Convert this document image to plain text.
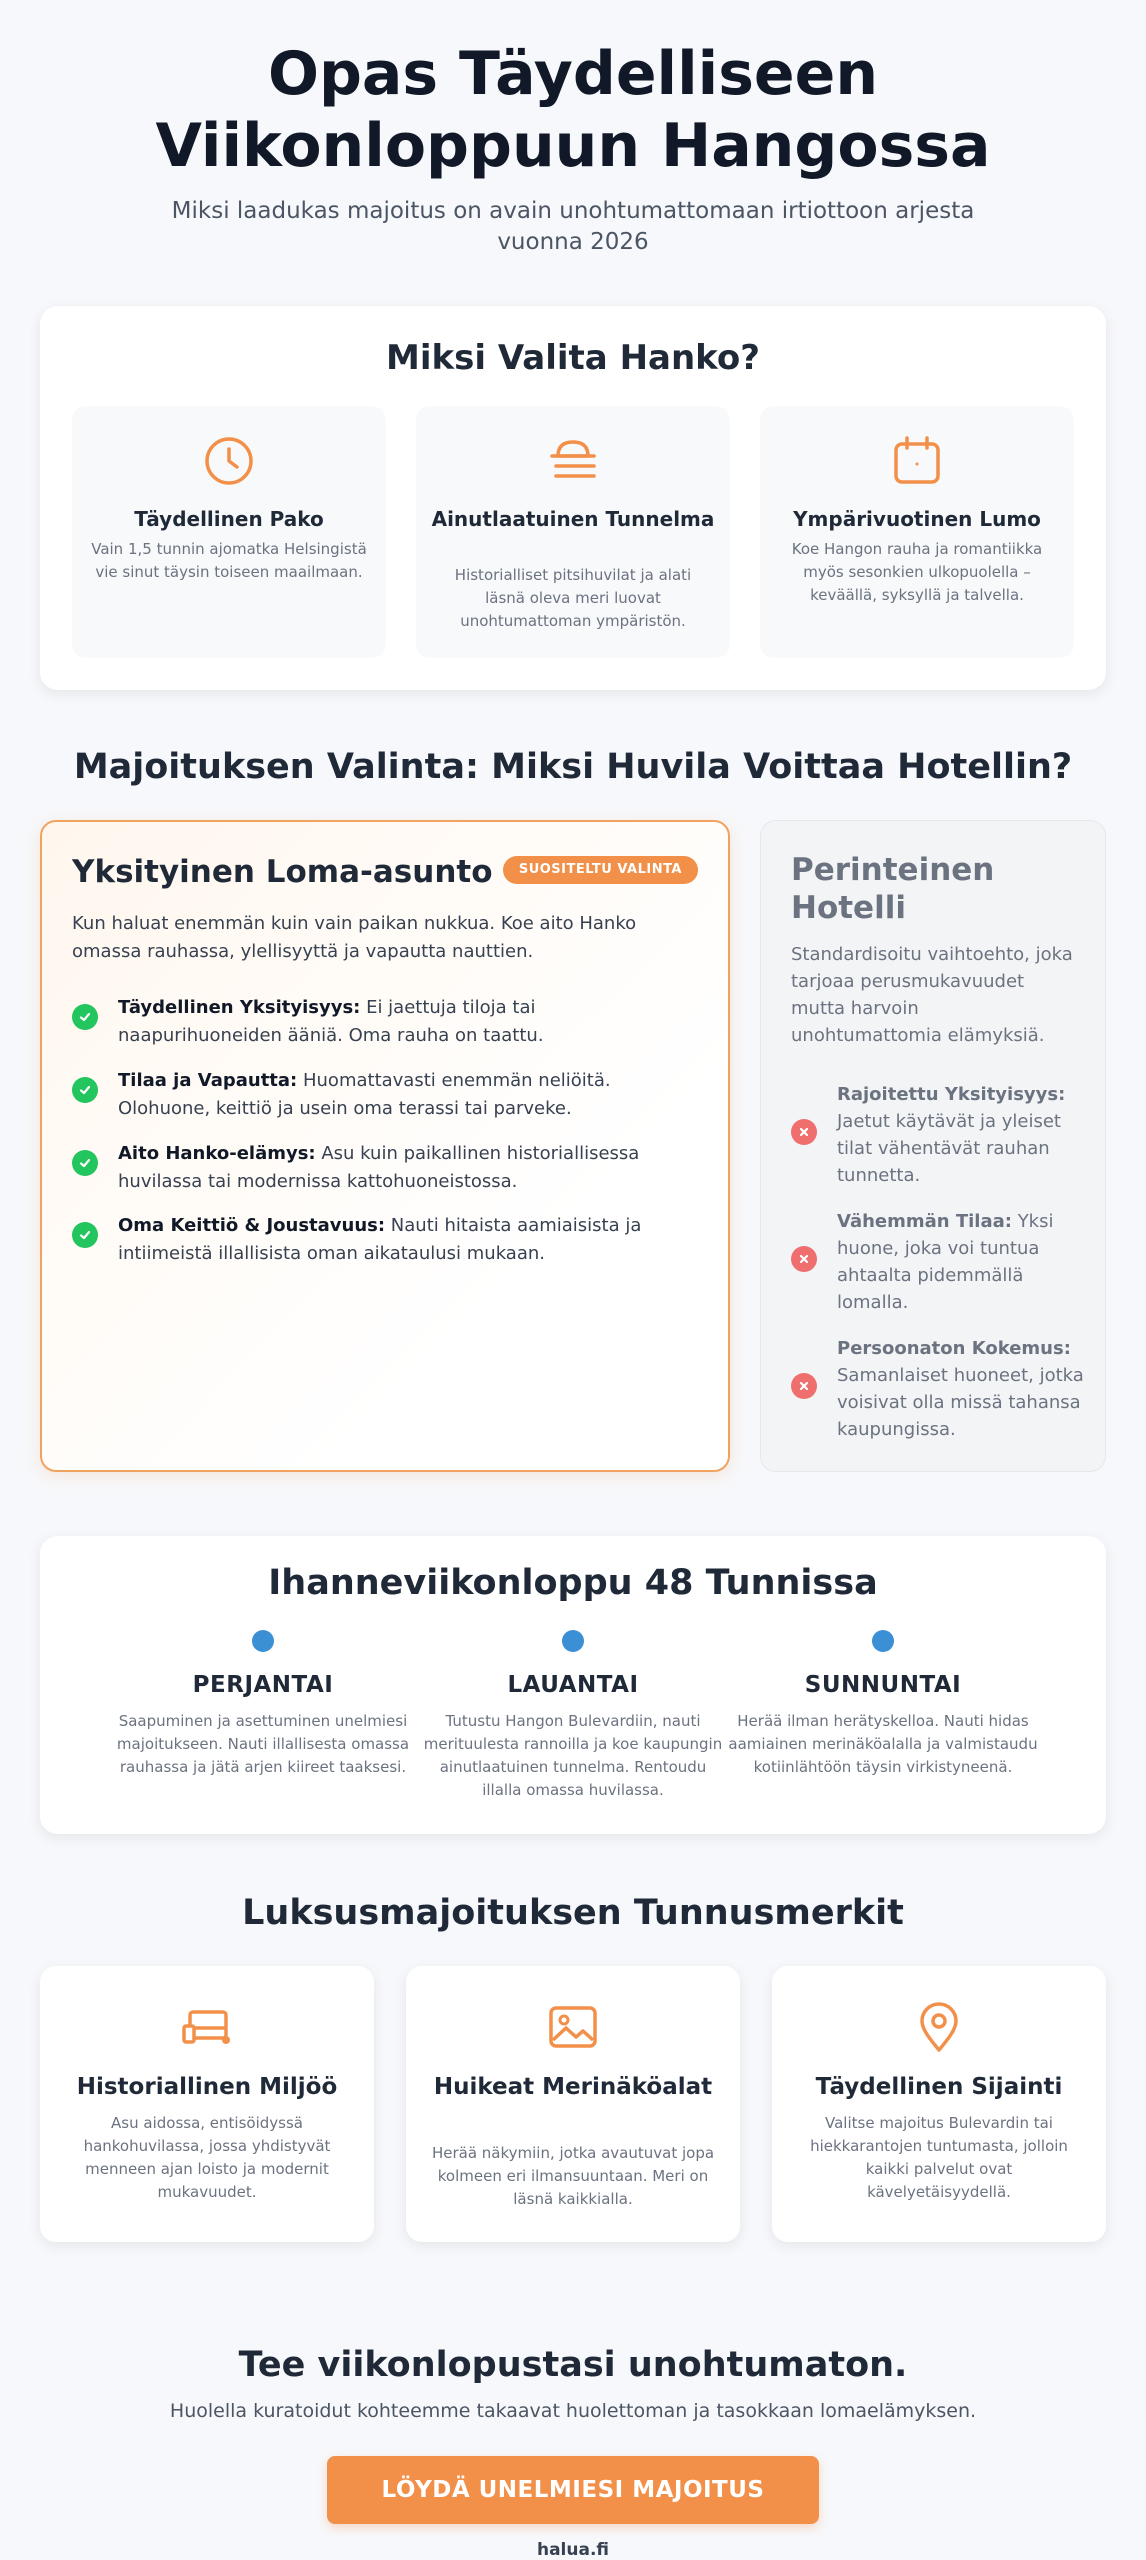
Opas Täydelliseen Viikonloppuun Hangossa

Miksi laadukas majoitus on avain unohtumattomaan irtiottoon arjesta vuonna 2026

Miksi Valita Hanko?
Täydellinen Pako

Vain 1,5 tunnin ajomatka Helsingistä vie sinut täysin toiseen maailmaan.

Ainutlaatuinen Tunnelma

Historialliset pitsihuvilat ja alati läsnä oleva meri luovat unohtumattoman ympäristön.

Ympärivuotinen Lumo

Koe Hangon rauha ja romantiikka myös sesonkien ulkopuolella – keväällä, syksyllä ja talvella.

Majoituksen Valinta: Miksi Huvila Voittaa Hotellin?
Yksityinen Loma-asunto	SUOSITELTU VALINTA

Kun haluat enemmän kuin vain paikan nukkua. Koe aito Hanko omassa rauhassa, ylellisyyttä ja vapautta nauttien.

Täydellinen Yksityisyys: Ei jaettuja tiloja tai naapurihuoneiden ääniä. Oma rauha on taattu.
Tilaa ja Vapautta: Huomattavasti enemmän neliöitä. Olohuone, keittiö ja usein oma terassi tai parveke.
Aito Hanko-elämys: Asu kuin paikallinen historiallisessa huvilassa tai modernissa kattohuoneistossa.
Oma Keittiö & Joustavuus: Nauti hitaista aamiaisista ja intiimeistä illallisista oman aikataulusi mukaan.
Perinteinen Hotelli

Standardisoitu vaihtoehto, joka tarjoaa perusmukavuudet mutta harvoin unohtumattomia elämyksiä.

Rajoitettu Yksityisyys: Jaetut käytävät ja yleiset tilat vähentävät rauhan tunnetta.
Vähemmän Tilaa: Yksi huone, joka voi tuntua ahtaalta pidemmällä lomalla.
Persoonaton Kokemus: Samanlaiset huoneet, jotka voisivat olla missä tahansa kaupungissa.
Ihanneviikonloppu 48 Tunnissa
PERJANTAI

Saapuminen ja asettuminen unelmiesi majoitukseen. Nauti illallisesta omassa rauhassa ja jätä arjen kiireet taaksesi.

LAUANTAI

Tutustu Hangon Bulevardiin, nauti merituulesta rannoilla ja koe kaupungin ainutlaatuinen tunnelma. Rentoudu illalla omassa huvilassa.

SUNNUNTAI

Herää ilman herätyskelloa. Nauti hidas aamiainen merinäköalalla ja valmistaudu kotiinlähtöön täysin virkistyneenä.

Luksusmajoituksen Tunnusmerkit
Historiallinen Miljöö

Asu aidossa, entisöidyssä hankohuvilassa, jossa yhdistyvät menneen ajan loisto ja modernit mukavuudet.

Huikeat Merinäköalat

Herää näkymiin, jotka avautuvat jopa kolmeen eri ilmansuuntaan. Meri on läsnä kaikkialla.

Täydellinen Sijainti

Valitse majoitus Bulevardin tai hiekkarantojen tuntumasta, jolloin kaikki palvelut ovat kävelyetäisyydellä.

Tee viikonlopustasi unohtumaton.

Huolella kuratoidut kohteemme takaavat huolettoman ja tasokkaan lomaelämyksen.

LÖYDÄ UNELMIESI MAJOITUS
halua.fi
